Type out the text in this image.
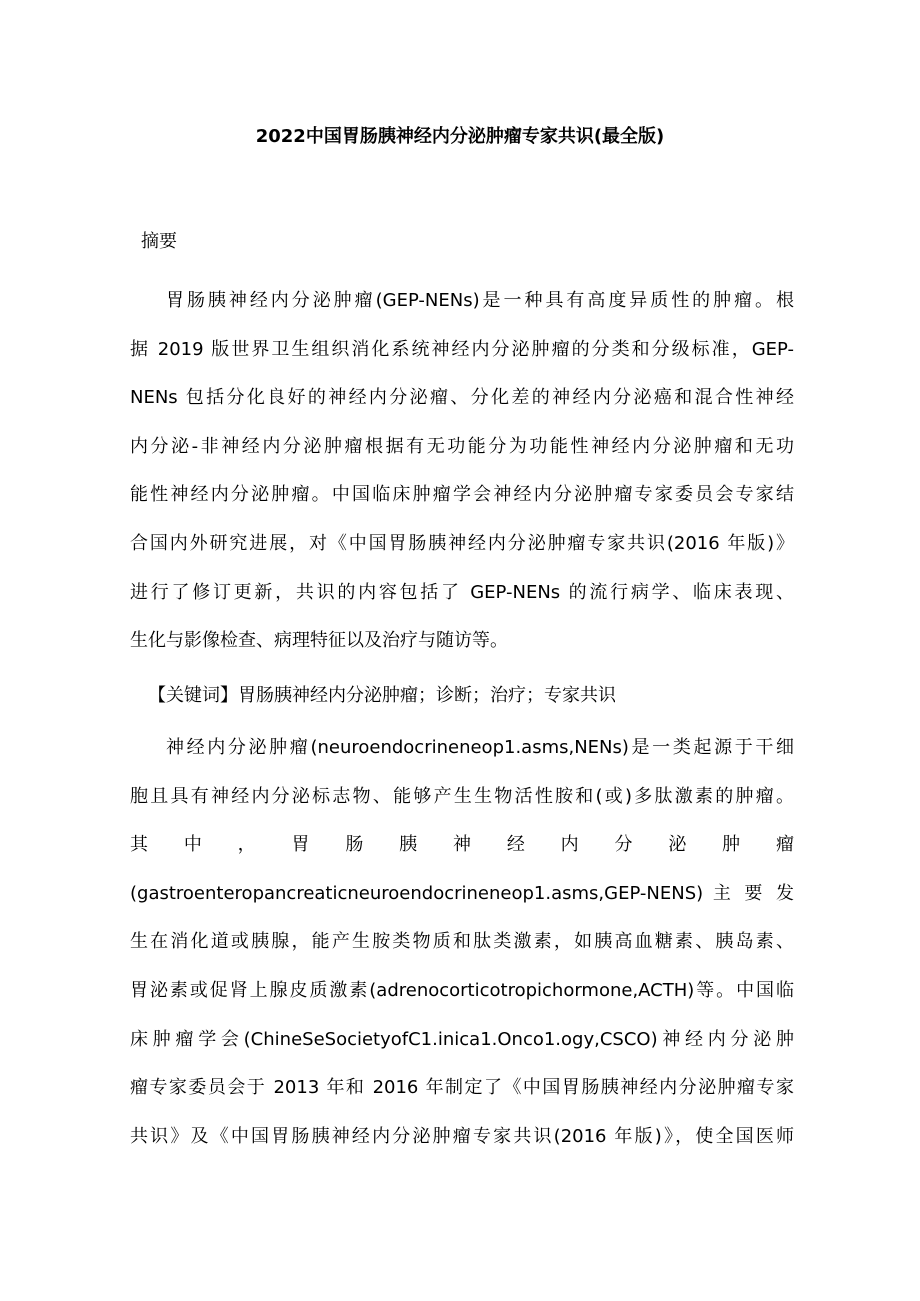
2022中国胃肠胰神经内分泌肿瘤专家共识(最全版)
摘要
胃肠胰神经内分泌肿瘤(GEP-NENs)是一种具有高度异质性的肿瘤。根
据 2019 版世界卫生组织消化系统神经内分泌肿瘤的分类和分级标准，GEP-
NENs 包括分化良好的神经内分泌瘤、分化差的神经内分泌癌和混合性神经
内分泌-非神经内分泌肿瘤根据有无功能分为功能性神经内分泌肿瘤和无功
能性神经内分泌肿瘤。中国临床肿瘤学会神经内分泌肿瘤专家委员会专家结
合国内外研究进展，对《中国胃肠胰神经内分泌肿瘤专家共识(2016 年版)》
进行了修订更新，共识的内容包括了 GEP-NENs 的流行病学、临床表现、
生化与影像检查、病理特征以及治疗与随访等。
【关键词】胃肠胰神经内分泌肿瘤；诊断；治疗；专家共识
神经内分泌肿瘤(neuroendocrineneop1.asms,NENs)是一类起源于干细
胞且具有神经内分泌标志物、能够产生生物活性胺和(或)多肽激素的肿瘤。
其 中 ， 胃 肠 胰 神 经 内 分 泌 肿 瘤
(gastroenteropancreaticneuroendocrineneop1.asms,GEP-NENS) 主 要 发
生在消化道或胰腺，能产生胺类物质和肽类激素，如胰高血糖素、胰岛素、
胃泌素或促肾上腺皮质激素(adrenocorticotropichormone,ACTH)等。中国临
床肿瘤学会(ChineSeSocietyofC1.inica1.Onco1.ogy,CSCO)神经内分泌肿
瘤专家委员会于 2013 年和 2016 年制定了《中国胃肠胰神经内分泌肿瘤专家
共识》及《中国胃肠胰神经内分泌肿瘤专家共识(2016 年版)》，使全国医师
